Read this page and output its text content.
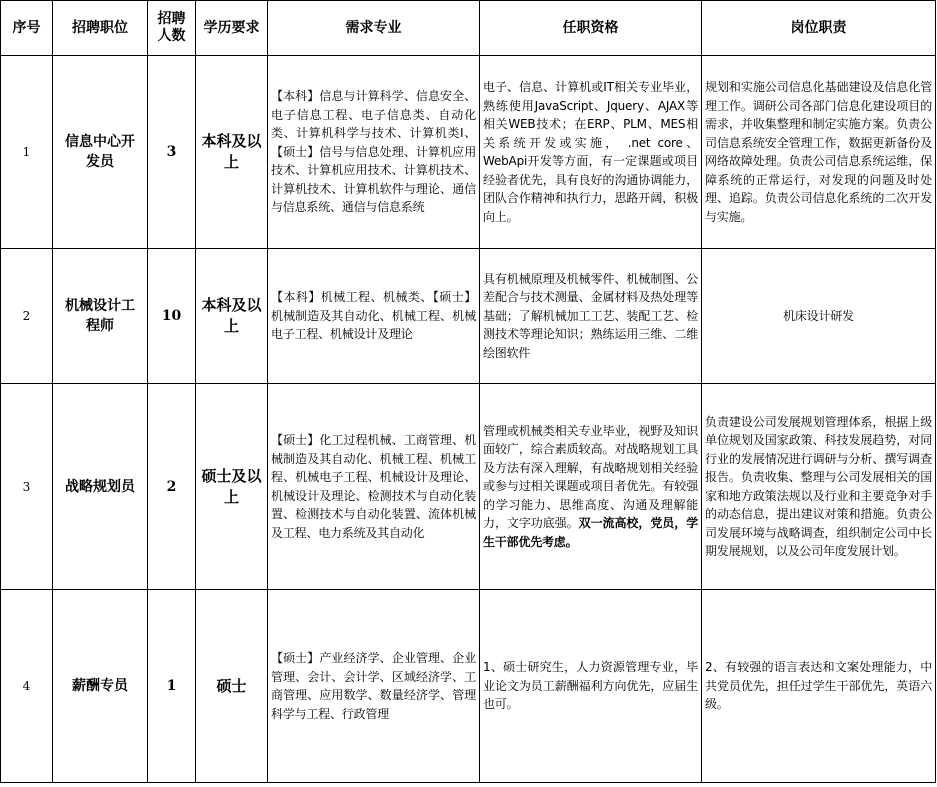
序号	招聘职位	招聘人数	学历要求	需求专业	任职资格	岗位职责
1	信息中心开发员	3	本科及以上	【本科】信息与计算科学、信息安全、电子信息工程、电子信息类、自动化类、计算机科学与技术、计算机类Ⅰ、【硕士】信号与信息处理、计算机应用技术、计算机应用技术、计算机技术、计算机技术、计算机软件与理论、通信与信息系统、通信与信息系统	电子、信息、计算机或IT相关专业毕业，熟练使用JavaScript、Jquery、AJAX等相关WEB技术；在ERP、PLM、MES相关系统开发或实施， .net core、WebApi开发等方面，有一定课题或项目经验者优先，具有良好的沟通协调能力，团队合作精神和执行力，思路开阔，积极向上。	规划和实施公司信息化基础建设及信息化管理工作。调研公司各部门信息化建设项目的需求，并收集整理和制定实施方案。负责公司信息系统安全管理工作，数据更新备份及网络故障处理。负责公司信息系统运维，保障系统的正常运行，对发现的问题及时处理、追踪。负责公司信息化系统的二次开发与实施。
2	机械设计工程师	10	本科及以上	【本科】机械工程、机械类、【硕士】机械制造及其自动化、机械工程、机械电子工程、机械设计及理论	具有机械原理及机械零件、机械制图、公差配合与技术测量、金属材料及热处理等基础；了解机械加工工艺、装配工艺、检测技术等理论知识；熟练运用三维、二维绘图软件	机床设计研发
3	战略规划员	2	硕士及以上	【硕士】化工过程机械、工商管理、机械制造及其自动化、机械工程、机械工程、机械电子工程、机械设计及理论、机械设计及理论、检测技术与自动化装置、检测技术与自动化装置、流体机械及工程、电力系统及其自动化	管理或机械类相关专业毕业，视野及知识面较广，综合素质较高。对战略规划工具及方法有深入理解，有战略规划相关经验或参与过相关课题或项目者优先。有较强的学习能力、思维高度、沟通及理解能力，文字功底强。双一流高校，党员，学生干部优先考虑。	负责建设公司发展规划管理体系，根据上级单位规划及国家政策、科技发展趋势，对同行业的发展情况进行调研与分析、撰写调查报告。负责收集、整理与公司发展相关的国家和地方政策法规以及行业和主要竞争对手的动态信息，提出建议对策和措施。负责公司发展环境与战略调查，组织制定公司中长期发展规划，以及公司年度发展计划。
4	薪酬专员	1	硕士	【硕士】产业经济学、企业管理、企业管理、会计、会计学、区域经济学、工商管理、应用数学、数量经济学、管理科学与工程、行政管理	1、硕士研究生，人力资源管理专业，毕业论文为员工薪酬福利方向优先，应届生也可。	2、有较强的语言表达和文案处理能力，中共党员优先，担任过学生干部优先，英语六级。
